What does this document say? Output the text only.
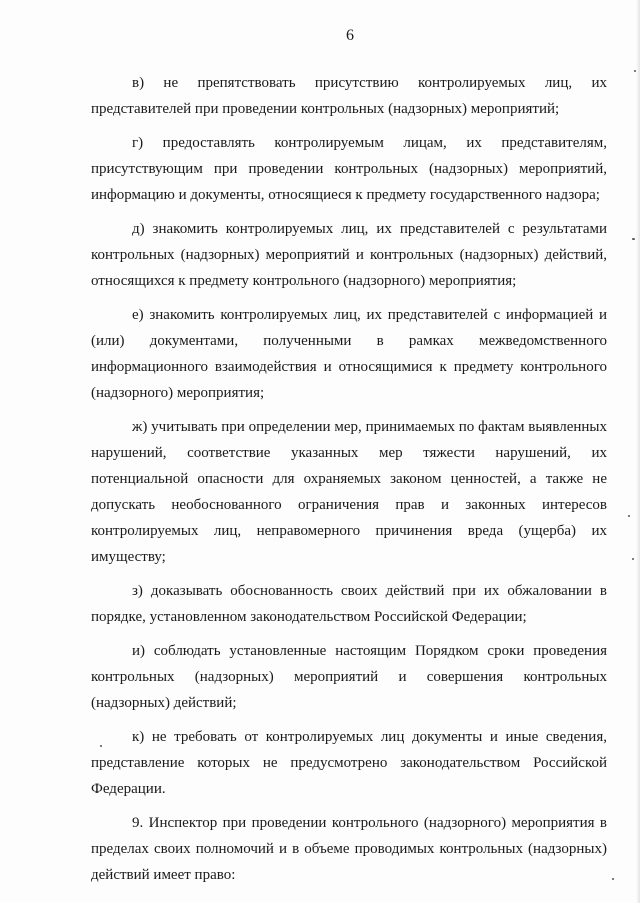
6

в) не препятствовать присутствию контролируемых лиц, их представителей при проведении контрольных (надзорных) мероприятий;

г) предоставлять контролируемым лицам, их представителям, присутствующим при проведении контрольных (надзорных) мероприятий, информацию и документы, относящиеся к предмету государственного надзора;

д) знакомить контролируемых лиц, их представителей с результатами контрольных (надзорных) мероприятий и контрольных (надзорных) действий, относящихся к предмету контрольного (надзорного) мероприятия;

е) знакомить контролируемых лиц, их представителей с информацией и (или) документами, полученными в рамках межведомственного информационного взаимодействия и относящимися к предмету контрольного (надзорного) мероприятия;

ж) учитывать при определении мер, принимаемых по фактам выявленных нарушений, соответствие указанных мер тяжести нарушений, их потенциальной опасности для охраняемых законом ценностей, а также не допускать необоснованного ограничения прав и законных интересов контролируемых лиц, неправомерного причинения вреда (ущерба) их имуществу;

з) доказывать обоснованность своих действий при их обжаловании в порядке, установленном законодательством Российской Федерации;

и) соблюдать установленные настоящим Порядком сроки проведения контрольных (надзорных) мероприятий и совершения контрольных (надзорных) действий;

к) не требовать от контролируемых лиц документы и иные сведения, представление которых не предусмотрено законодательством Российской Федерации.

9. Инспектор при проведении контрольного (надзорного) мероприятия в пределах своих полномочий и в объеме проводимых контрольных (надзорных) действий имеет право:
